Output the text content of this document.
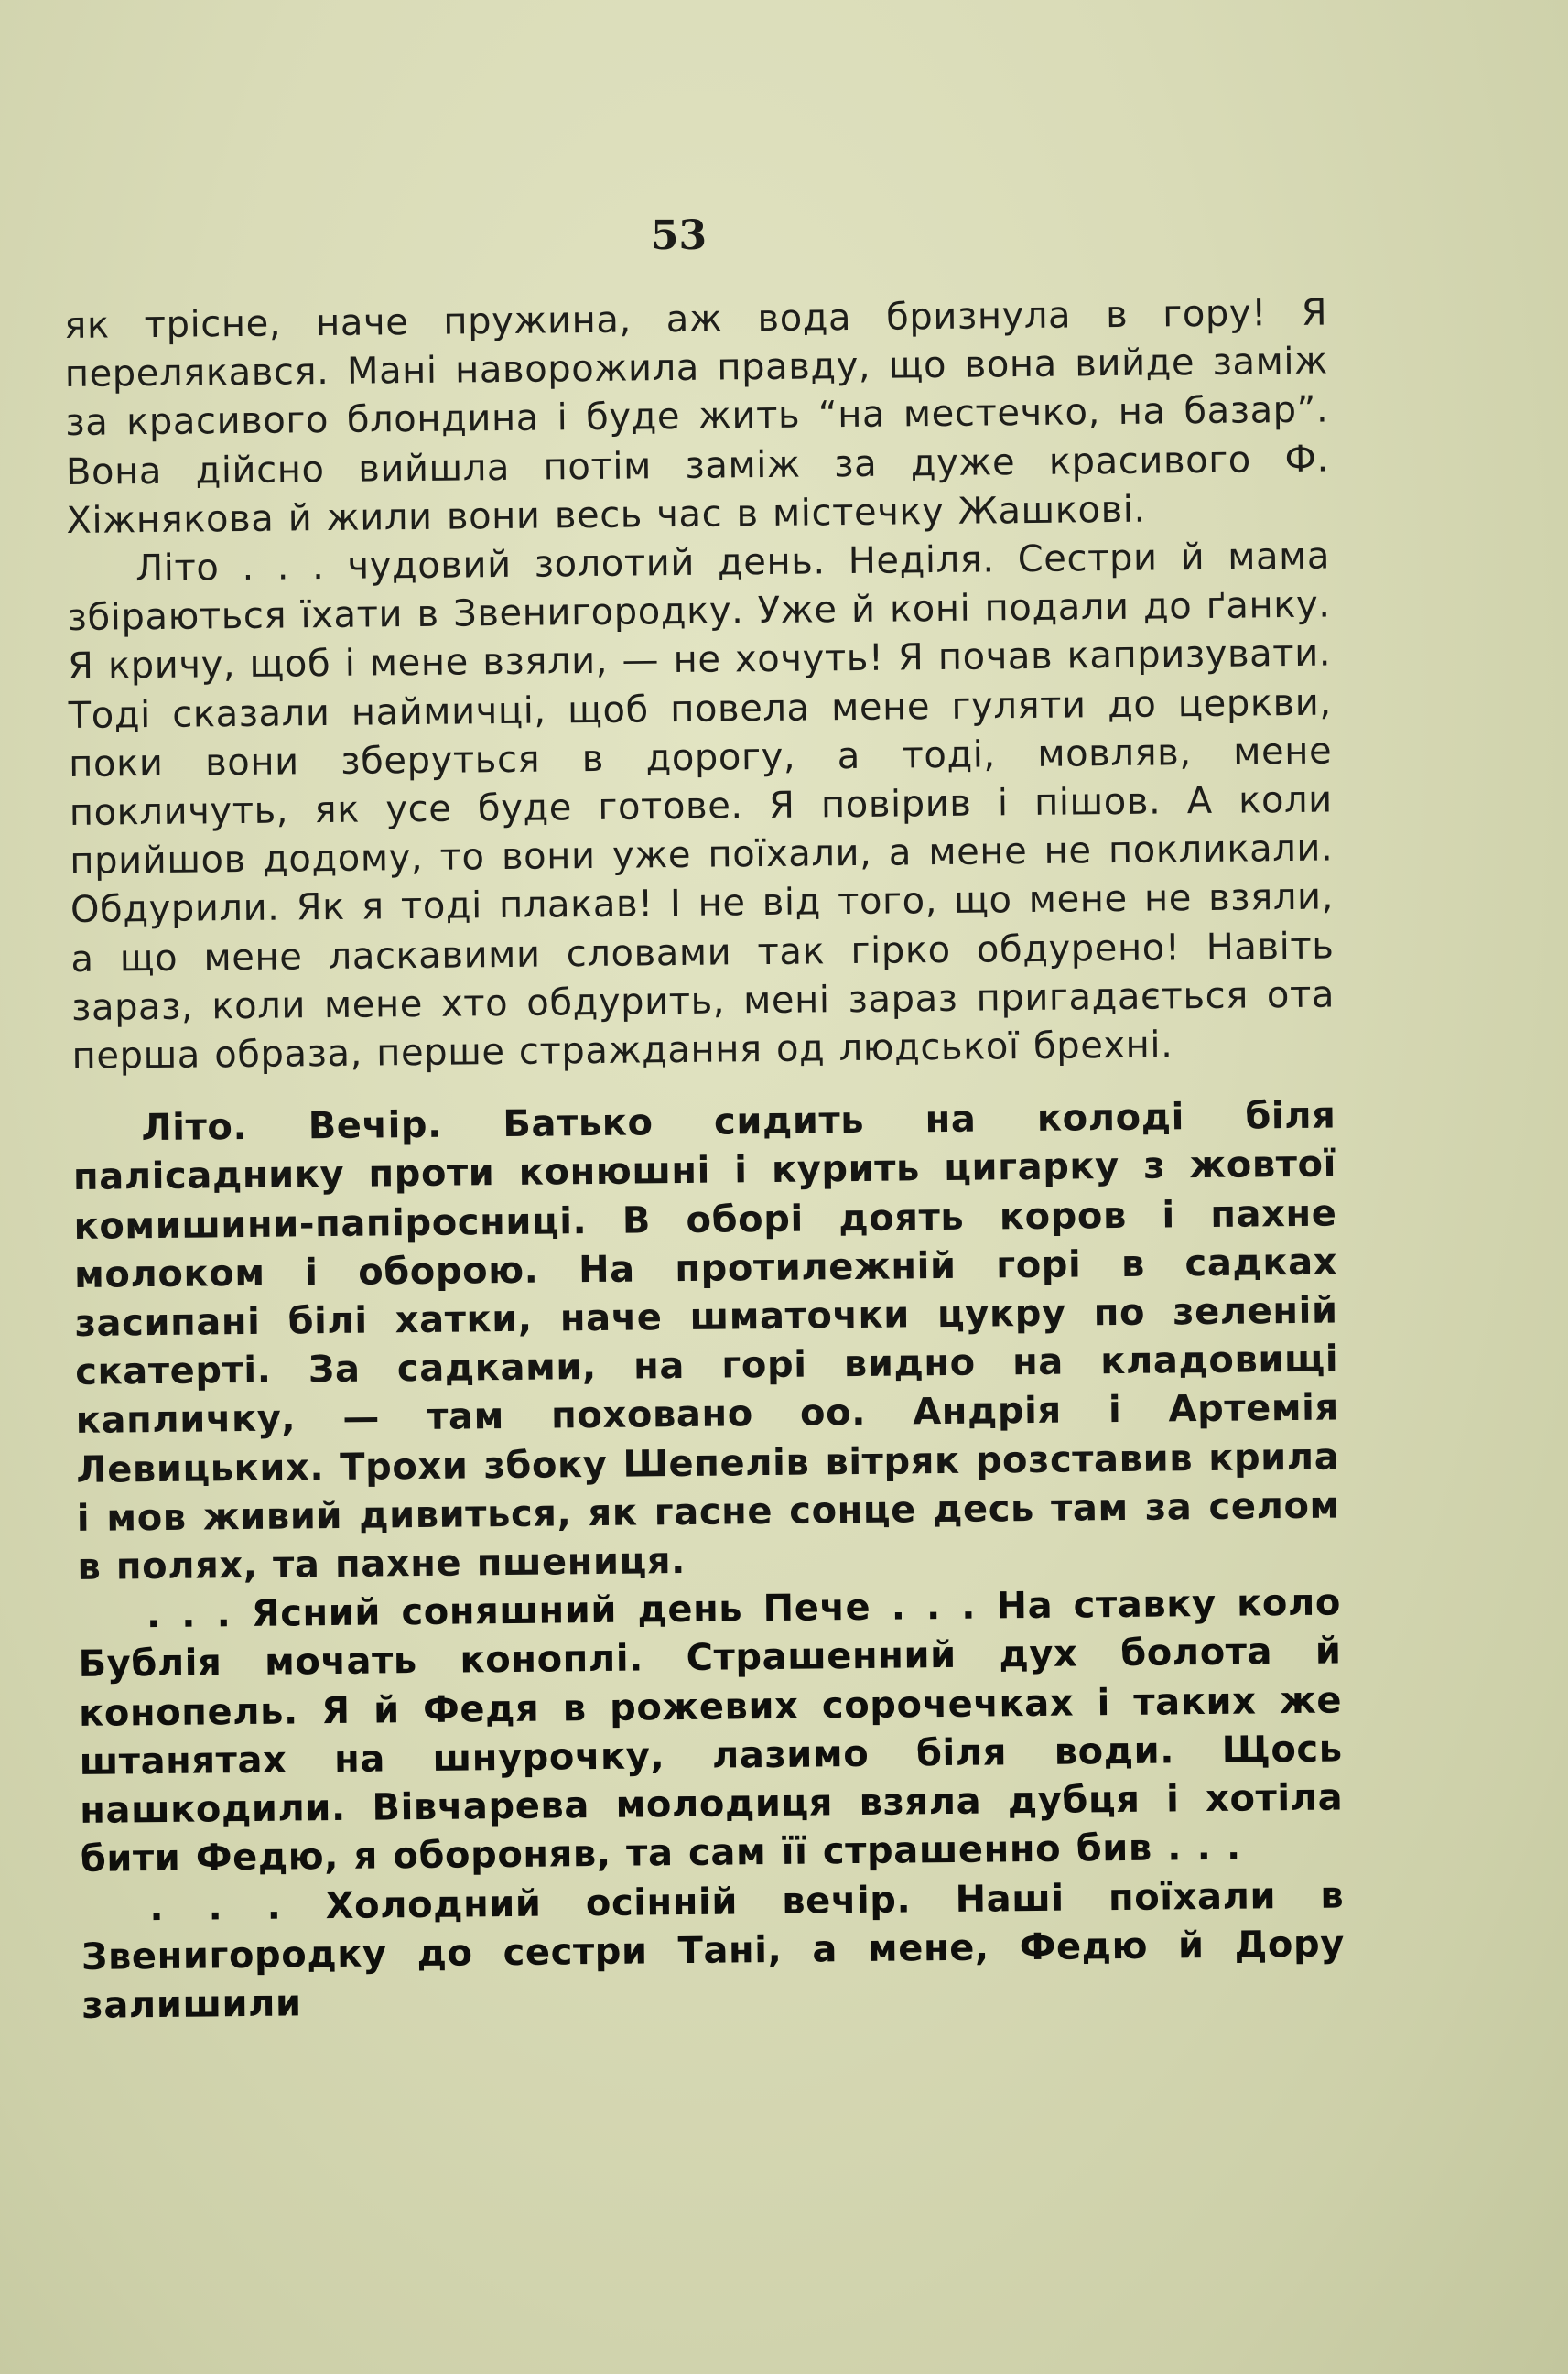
53

як трісне, наче пружина, аж вода бризнула в гору! Я перелякався. Мані наворожила правду, що вона вийде заміж за красивого блондина і буде жить “на местечко, на базар”. Вона дійсно вийшла потім заміж за дуже красивого Ф. Хіжнякова й жили вони весь час в містечку Жашкові.

Літо . . . чудовий золотий день. Неділя. Сестри й мама збіраються їхати в Звенигородку. Уже й коні подали до ґанку. Я кричу, щоб і мене взяли, — не хочуть! Я почав капризувати. Тоді сказали наймичці, щоб повела мене гуляти до церкви, поки вони зберуться в дорогу, а тоді, мовляв, мене покличуть, як усе буде готове. Я повірив і пішов. А коли прийшов додому, то вони уже поїхали, а мене не покликали. Обдурили. Як я тоді плакав! І не від того, що мене не взяли, а що мене ласкавими словами так гірко обдурено! Навіть зараз, коли мене хто обдурить, мені зараз пригадається ота перша образа, перше страждання од людської брехні.

Літо. Вечір. Батько сидить на колоді біля палісаднику проти конюшні і курить цигарку з жовтої комишини-папіросниці. В оборі доять коров і пахне молоком і оборою. На протилежній горі в садках засипані білі хатки, наче шматочки цукру по зеленій скатерті. За садками, на горі видно на кладовищі капличку, — там поховано оо. Андрія і Артемія Левицьких. Трохи збоку Шепелів вітряк розставив крила і мов живий дивиться, як гасне сонце десь там за селом в полях, та пахне пшениця.

. . . Ясний соняшний день Пече . . . На ставку коло Бублія мочать коноплі. Страшенний дух болота й конопель. Я й Федя в рожевих сорочечках і таких же штанятах на шнурочку, лазимо біля води. Щось нашкодили. Вівчарева молодиця взяла дубця і хотіла бити Федю, я обороняв, та сам її страшенно бив . . .

. . . Холодний осінній вечір. Наші поїхали в Звенигородку до сестри Тані, а мене, Федю й Дору залишили
